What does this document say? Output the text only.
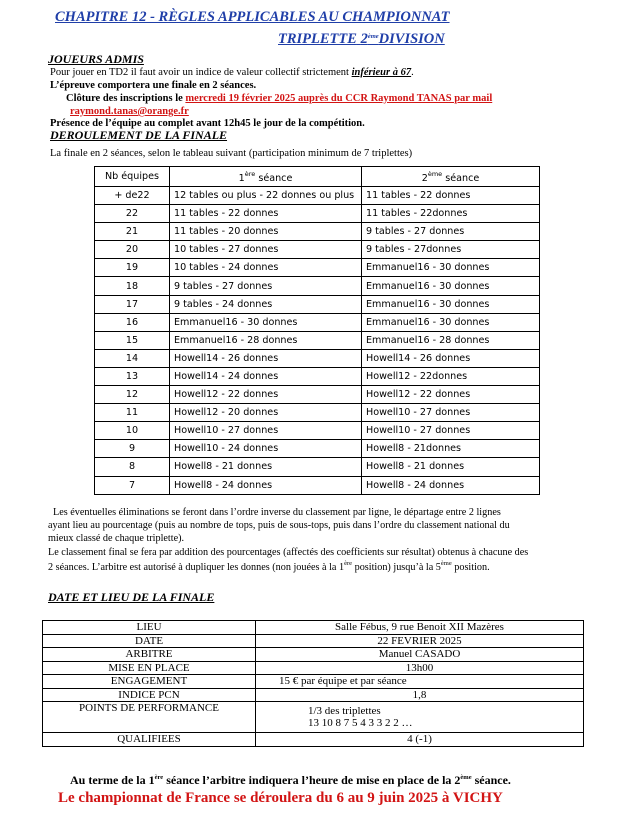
CHAPITRE 12 - RÈGLES APPLICABLES AU CHAMPIONNAT
TRIPLETTE 2èmeDIVISION
JOUEURS ADMIS
Pour jouer en TD2 il faut avoir un indice de valeur collectif strictement inférieur à 67.
L’épreuve comportera une finale en 2 séances.
Clôture des inscriptions le mercredi 19 février 2025 auprès du CCR Raymond TANAS par mail
raymond.tanas@orange.fr
Présence de l’équipe au complet avant 12h45 le jour de la compétition.
DEROULEMENT DE LA FINALE
La finale en 2 séances, selon le tableau suivant (participation minimum de 7 triplettes)
Nb équipes	1ère séance	2ème séance
+ de22	12 tables ou plus - 22 donnes ou plus	11 tables - 22 donnes
22	11 tables - 22 donnes	11 tables - 22donnes
21	11 tables - 20 donnes	9 tables - 27 donnes
20	10 tables - 27 donnes	9 tables - 27donnes
19	10 tables - 24 donnes	Emmanuel16 - 30 donnes
18	9 tables - 27 donnes	Emmanuel16 - 30 donnes
17	9 tables - 24 donnes	Emmanuel16 - 30 donnes
16	Emmanuel16 - 30 donnes	Emmanuel16 - 30 donnes
15	Emmanuel16 - 28 donnes	Emmanuel16 - 28 donnes
14	Howell14 - 26 donnes	Howell14 - 26 donnes
13	Howell14 - 24 donnes	Howell12 - 22donnes
12	Howell12 - 22 donnes	Howell12 - 22 donnes
11	Howell12 - 20 donnes	Howell10 - 27 donnes
10	Howell10 - 27 donnes	Howell10 - 27 donnes
9	Howell10 - 24 donnes	Howell8 - 21donnes
8	Howell8 - 21 donnes	Howell8 - 21 donnes
7	Howell8 - 24 donnes	Howell8 - 24 donnes
Les éventuelles éliminations se feront dans l’ordre inverse du classement par ligne, le départage entre 2 lignes
ayant lieu au pourcentage (puis au nombre de tops, puis de sous-tops, puis dans l’ordre du classement national du
mieux classé de chaque triplette).
Le classement final se fera par addition des pourcentages (affectés des coefficients sur résultat) obtenus à chacune des
2 séances. L’arbitre est autorisé à dupliquer les donnes (non jouées à la 1ère position) jusqu’à la 5ème position.
DATE ET LIEU DE LA FINALE
LIEU	Salle Fébus, 9 rue Benoit XII Mazères
DATE	22 FEVRIER 2025
ARBITRE	Manuel CASADO
MISE EN PLACE	13h00
ENGAGEMENT	15 € par équipe et par séance
INDICE PCN	1,8
POINTS DE PERFORMANCE	1/3 des triplettes
13 10 8 7 5 4 3 3 2 2 …

QUALIFIEES	4 (-1)
Au terme de la 1ère séance l’arbitre indiquera l’heure de mise en place de la 2ème séance.
Le championnat de France se déroulera du 6 au 9 juin 2025 à VICHY
